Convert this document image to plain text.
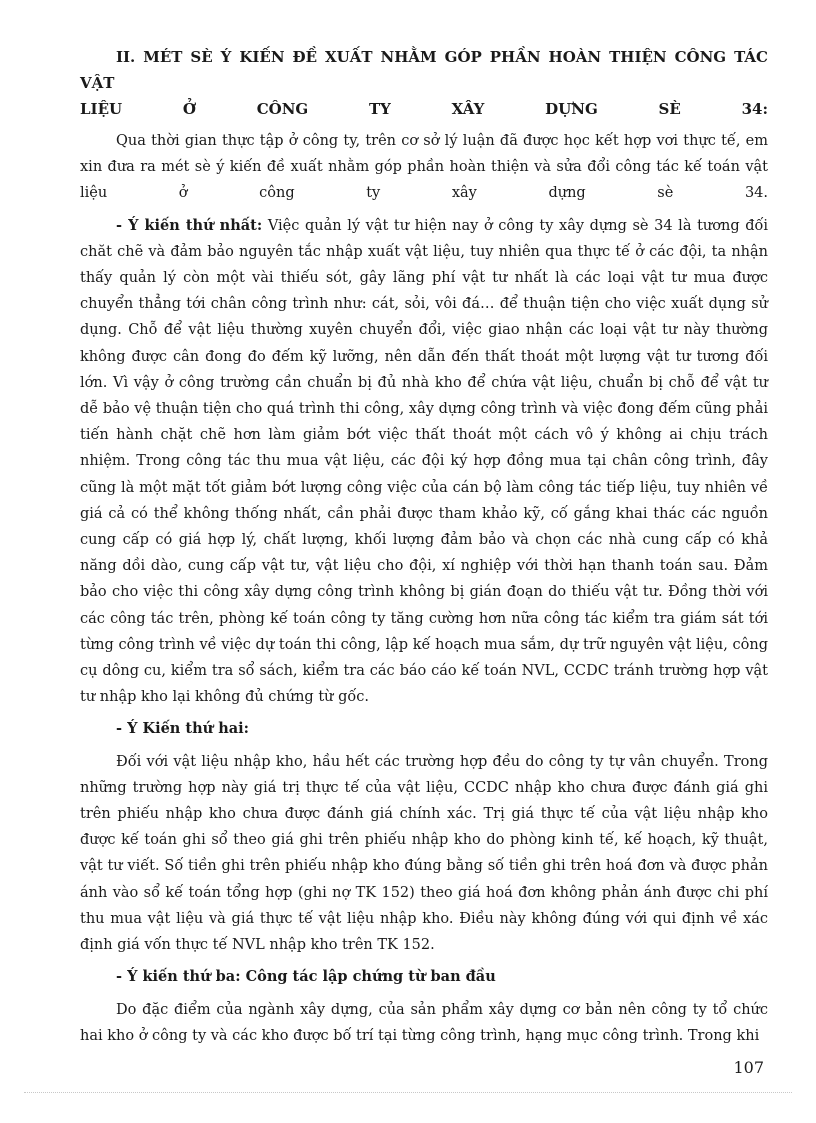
II. MÉT SÈ Ý KIẾN ĐỀ XUẤT NHẰM GÓP PHẦN HOÀN THIỆN CÔNG TÁC VẬT

LIỆU Ở CÔNG TY XÂY DỰNG SÈ 34:

Qua thời gian thực tập ở công ty, trên cơ sở lý luận đã được học kết hợp vơi thực tế, em xin đưa ra mét sè ý kiến đề xuất nhằm góp phần hoàn thiện và sửa đổi công tác kế toán vật liệu ở công ty xây dựng sè 34.

- Ý kiến thứ nhất: Việc quản lý vật tư hiện nay ở công ty xây dựng sè 34 là tương đối chăt chẽ và đảm bảo nguyên tắc nhập xuất vật liệu, tuy nhiên qua thực tế ở các đội, ta nhận thấy quản lý còn một vài thiếu sót, gây lãng phí vật tư nhất là các loại vật tư mua được chuyển thẳng tới chân công trình như: cát, sỏi, vôi đá… để thuận tiện cho việc xuất dụng sử dụng. Chỗ để vật liệu thường xuyên chuyển đổi, việc giao nhận các loại vật tư này thường không được cân đong đo đếm kỹ lưỡng, nên dẫn đến thất thoát một lượng vật tư tương đối lớn. Vì vậy ở công trường cần chuẩn bị đủ nhà kho để chứa vật liệu, chuẩn bị chỗ để vật tư dễ bảo vệ thuận tiện cho quá trình thi công, xây dựng công trình và việc đong đếm cũng phải tiến hành chặt chẽ hơn làm giảm bớt việc thất thoát một cách vô ý không ai chịu trách nhiệm. Trong công tác thu mua vật liệu, các đội ký hợp đồng mua tại chân công trình, đây cũng là một mặt tốt giảm bớt lượng công việc của cán bộ làm công tác tiếp liệu, tuy nhiên về giá cả có thể không thống nhất, cần phải được tham khảo kỹ, cố gắng khai thác các nguồn cung cấp có giá hợp lý, chất lượng, khối lượng đảm bảo và chọn các nhà cung cấp có khả năng dồi dào, cung cấp vật tư, vật liệu cho đội, xí nghiệp với thời hạn thanh toán sau. Đảm bảo cho việc thi công xây dựng công trình không bị gián đoạn do thiếu vật tư. Đồng thời với các công tác trên, phòng kế toán công ty tăng cường hơn nữa công tác kiểm tra giám sát tới từng công trình về việc dự toán thi công, lập kế hoạch mua sắm, dự trữ nguyên vật liệu, công cụ dông cu, kiểm tra sổ sách, kiểm tra các báo cáo kế toán NVL, CCDC tránh trường hợp vật tư nhập kho lại không đủ chứng từ gốc.

- Ý Kiến thứ hai:

Đối với vật liệu nhập kho, hầu hết các trường hợp đều do công ty tự vân chuyển. Trong những trường hợp này giá trị thực tế của vật liệu, CCDC nhập kho chưa được đánh giá ghi trên phiếu nhập kho chưa được đánh giá chính xác. Trị giá thực tế của vật liệu nhập kho được kế toán ghi sổ theo giá ghi trên phiếu nhập kho do phòng kinh tế, kế hoạch, kỹ thuật, vật tư viết. Số tiền ghi trên phiếu nhập kho đúng bằng số tiền ghi trên hoá đơn và được phản ánh vào sổ kế toán tổng hợp (ghi nợ TK 152) theo giá hoá đơn không phản ánh được chi phí thu mua vật liệu và giá thực tế vật liệu nhập kho. Điều này không đúng với qui định về xác định giá vốn thực tế NVL nhập kho trên TK 152.

- Ý kiến thứ ba: Công tác lập chứng từ ban đầu

Do đặc điểm của ngành xây dựng, của sản phẩm xây dựng cơ bản nên công ty tổ chức hai kho ở công ty và các kho được bố trí tại từng công trình, hạng mục công trình. Trong khi

107
